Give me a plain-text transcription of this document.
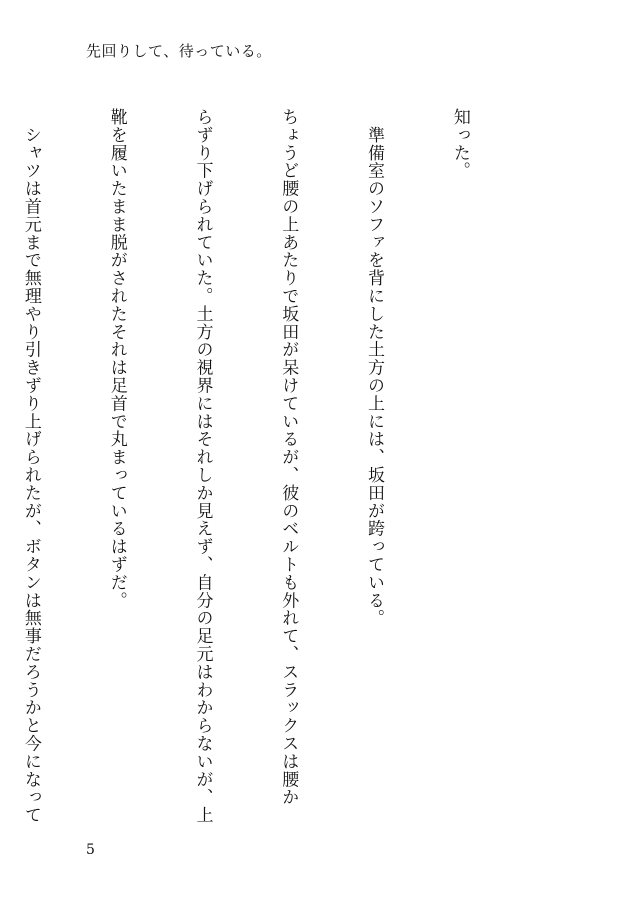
先回りして、待っている。

知った。

　準備室のソファを背にした土方の上には、坂田が跨っている。

ちょうど腰の上あたりで坂田が呆けているが、彼のベルトも外れて、スラックスは腰か

らずり下げられていた。土方の視界にはそれしか見えず、自分の足元はわからないが、上

靴を履いたまま脱がされたそれは足首で丸まっているはずだ。

　シャツは首元まで無理やり引きずり上げられたが、ボタンは無事だろうかと今になって

5
